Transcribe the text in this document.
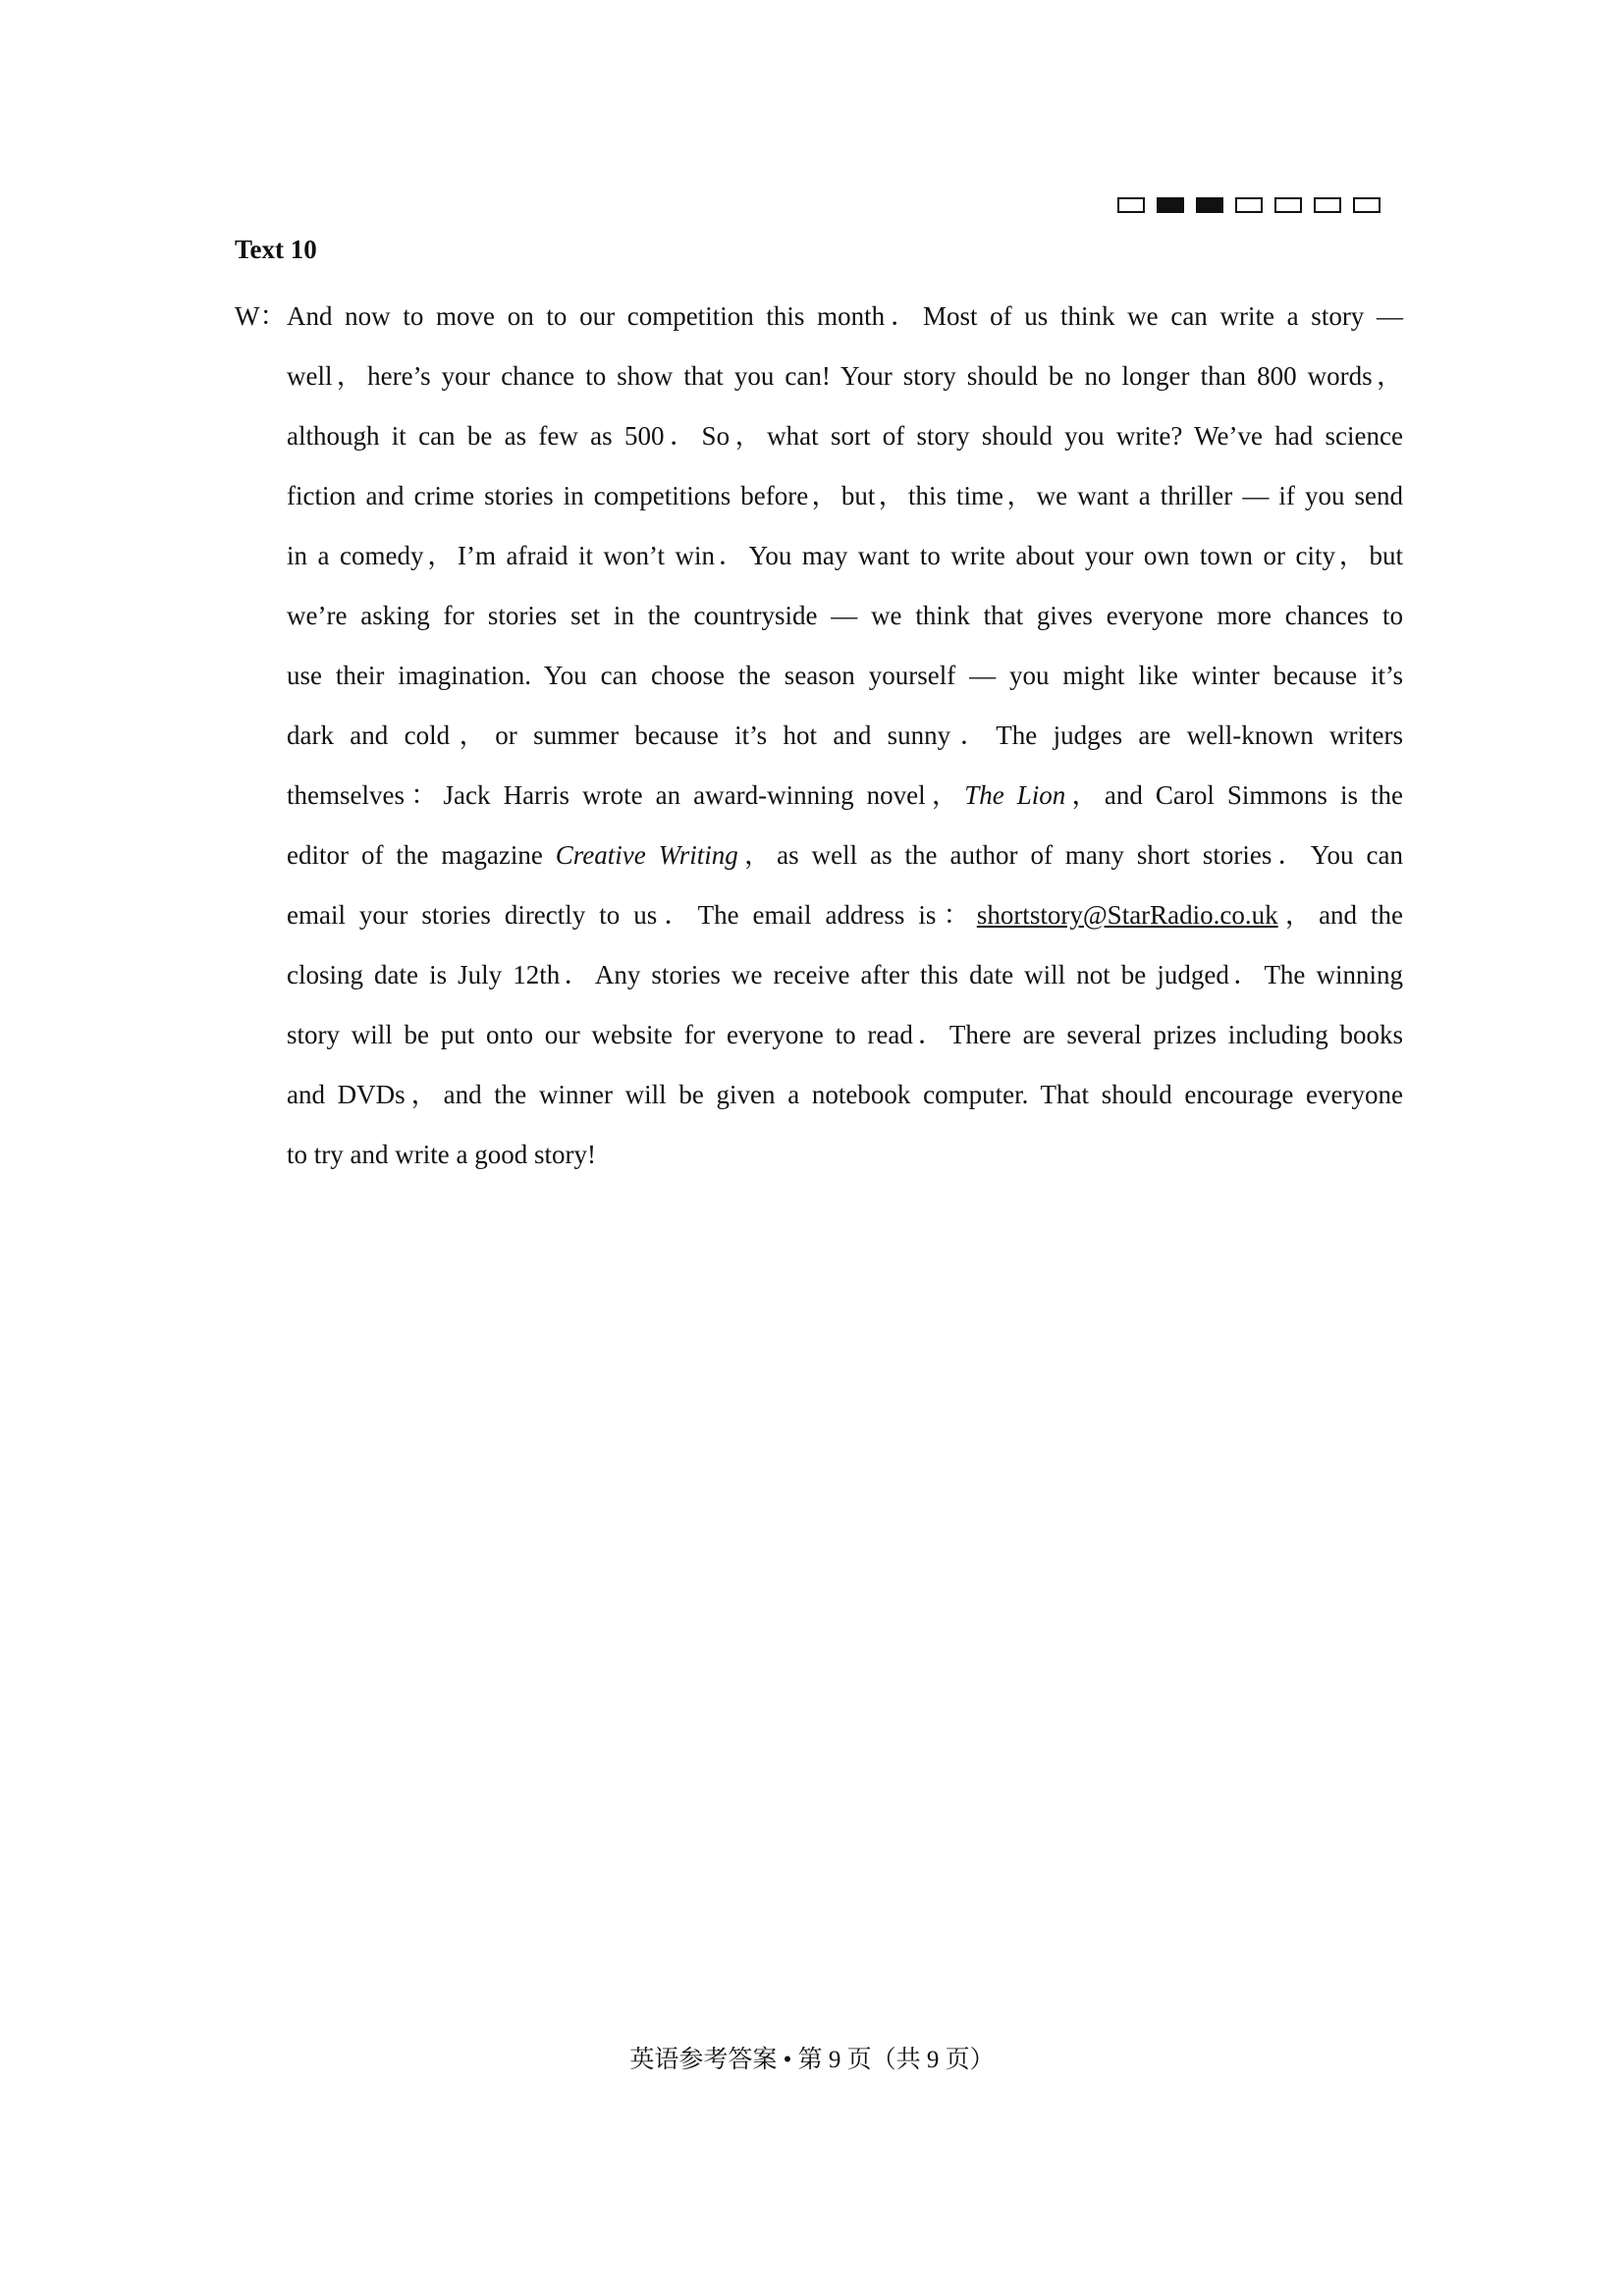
Text 10
W： And now to move on to our competition this month．Most of us think we can write a story —
well，here’s your chance to show that you can! Your story should be no longer than 800 words，
although it can be as few as 500．So，what sort of story should you write? We’ve had science
fiction and crime stories in competitions before，but，this time，we want a thriller — if you send
in a comedy，I’m afraid it won’t win．You may want to write about your own town or city，but
we’re asking for stories set in the countryside — we think that gives everyone more chances to
use their imagination. You can choose the season yourself — you might like winter because it’s
dark and cold，or summer because it’s hot and sunny．The judges are well-known writers
themselves：Jack Harris wrote an award-winning novel，The Lion，and Carol Simmons is the
editor of the magazine Creative Writing，as well as the author of many short stories．You can
email your stories directly to us．The email address is：shortstory@StarRadio.co.uk，and the
closing date is July 12th．Any stories we receive after this date will not be judged．The winning
story will be put onto our website for everyone to read．There are several prizes including books
and DVDs，and the winner will be given a notebook computer. That should encourage everyone
to try and write a good story!
英语参考答案 • 第 9 页（共 9 页）
